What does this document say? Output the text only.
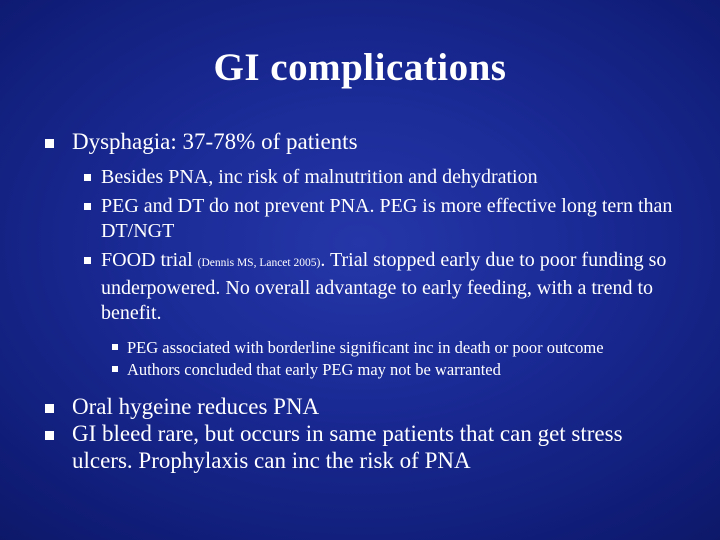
GI complications
Dysphagia: 37-78% of patients
Besides PNA, inc risk of malnutrition and dehydration
PEG and DT do not prevent PNA. PEG is more effective long tern than DT/NGT
FOOD trial (Dennis MS, Lancet 2005). Trial stopped early due to poor funding so underpowered. No overall advantage to early feeding, with a trend to benefit.
PEG associated with borderline significant inc in death or poor outcome
Authors concluded that early PEG may not be warranted
Oral hygeine reduces PNA
GI bleed rare, but occurs in same patients that can get stress ulcers. Prophylaxis can inc the risk of PNA
